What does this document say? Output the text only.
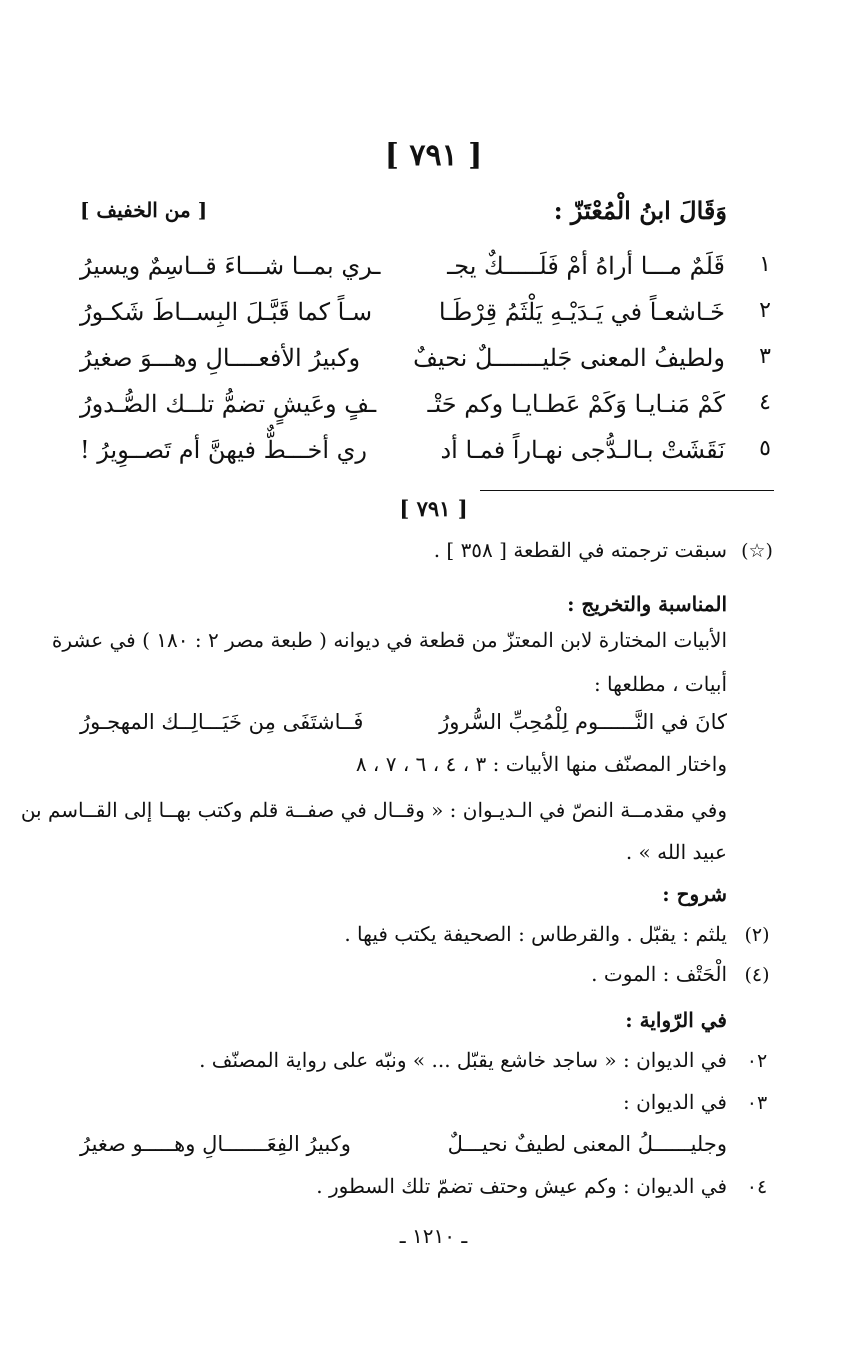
[ ٧٩١ ]
وَقَالَ ابنُ الْمُعْتَزّ :
[ من الخفيف ]
١
قَلَمٌ مـــا أراهُ أمْ فَلَـــــكٌ يجـ
ـري بمــا شـــاءَ قــاسِمٌ ويسيرُ
٢
خَـاشعـاً في يَـدَيْـهِ يَلْثَمُ قِرْطَـا
سـاً كما قَبَّـلَ البِســاطَ شَكـورُ
٣
ولطيفُ المعنى جَليـــــــلٌ نحيفٌ
وكبيرُ الأفعــــالِ وهـــوَ صغيرُ
٤
كَمْ مَنـايـا وَكَمْ عَطـايـا وكم حَتْـ
ـفٍ وعَيشٍ تضمُّ تلــك الصُّـدورُ
٥
نَقَشَتْ بـالـدُّجى نهـاراً فمـا أد
ري أخـــطٌّ فيهنَّ أم تَصــوِيرُ !
[ ٧٩١ ]
(☆)
سبقت ترجمته في القطعة [ ٣٥٨ ] .
المناسبة والتخريج :
الأبيات المختارة لابن المعتزّ من قطعة في ديوانه ( طبعة مصر ٢ : ١٨٠ ) في عشرة
أبيات ، مطلعها :
كانَ في النَّــــــوم لِلْمُحِبِّ السُّرورُ
فَــاشتَفَى مِن خَيَـــالِــك المهجـورُ
واختار المصنّف منها الأبيات : ٣ ، ٤ ، ٦ ، ٧ ، ٨
وفي مقدمــة النصّ في الـديـوان : « وقــال في صفــة قلم وكتب بهــا إلى القــاسم بن
عبيد الله » .
شروح :
(٢)
يلثم : يقبّل . والقرطاس : الصحيفة يكتب فيها .
(٤)
الْحَتْف : الموت .
في الرّواية :
٠٢
في الديوان : « ساجد خاشع يقبّل ... » ونبّه على رواية المصنّف .
٠٣
في الديوان :
وجليــــــلُ المعنى لطيفٌ نحيـــلٌ
وكبيرُ الفِعَـــــــالِ وهـــــو صغيرُ
٠٤
في الديوان : وكم عيش وحتف تضمّ تلك السطور .
ـ ١٢١٠ ـ
